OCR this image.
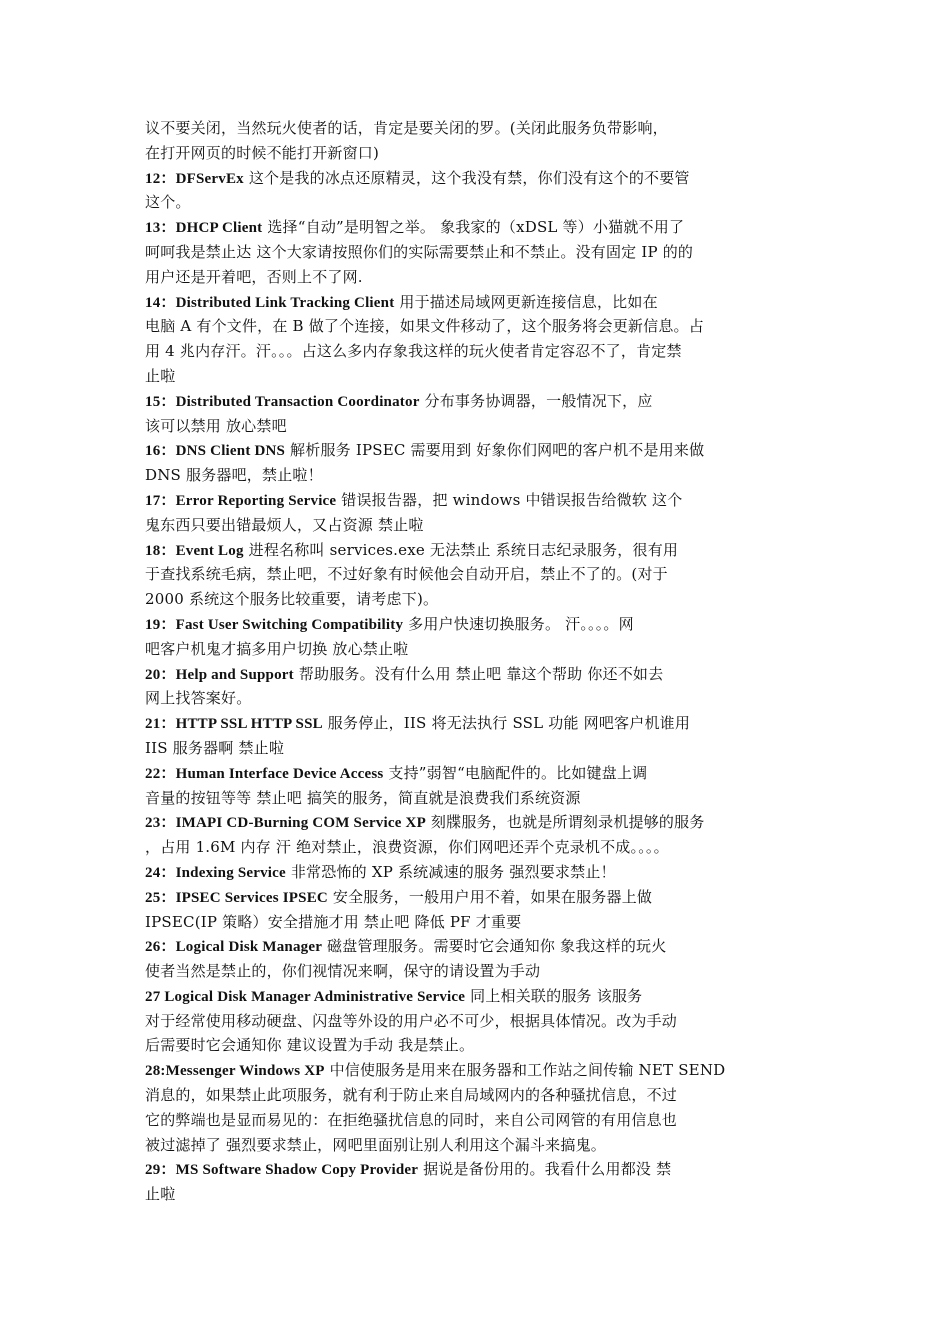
议不要关闭，当然玩火使者的话，肯定是要关闭的罗。(关闭此服务负带影响，
在打开网页的时候不能打开新窗口)
12：DFServEx 这个是我的冰点还原精灵，这个我没有禁，你们没有这个的不要管
这个。
13：DHCP Client 选择“自动”是明智之举。 象我家的（xDSL 等）小猫就不用了
呵呵我是禁止达 这个大家请按照你们的实际需要禁止和不禁止。没有固定 IP 的的
用户还是开着吧，否则上不了网.
14：Distributed Link Tracking Client 用于描述局域网更新连接信息，比如在
电脑 A 有个文件，在 B 做了个连接，如果文件移动了，这个服务将会更新信息。占
用 4 兆内存汗。汗。。。占这么多内存象我这样的玩火使者肯定容忍不了，肯定禁
止啦
15：Distributed Transaction Coordinator 分布事务协调器，一般情况下，应
该可以禁用 放心禁吧
16：DNS Client DNS 解析服务 IPSEC 需要用到 好象你们网吧的客户机不是用来做
DNS 服务器吧，禁止啦！
17：Error Reporting Service 错误报告器，把 windows 中错误报告给微软 这个
鬼东西只要出错最烦人，又占资源 禁止啦
18：Event Log 进程名称叫 services.exe 无法禁止 系统日志纪录服务，很有用
于查找系统毛病，禁止吧，不过好象有时候他会自动开启，禁止不了的。(对于
2000 系统这个服务比较重要，请考虑下)。
19：Fast User Switching Compatibility 多用户快速切换服务。 汗。。。。网
吧客户机鬼才搞多用户切换 放心禁止啦
20：Help and Support 帮助服务。没有什么用 禁止吧 靠这个帮助 你还不如去
网上找答案好。
21：HTTP SSL HTTP SSL 服务停止，IIS 将无法执行 SSL 功能 网吧客户机谁用
IIS 服务器啊 禁止啦
22：Human Interface Device Access 支持”弱智“电脑配件的。比如键盘上调
音量的按钮等等 禁止吧 搞笑的服务，简直就是浪费我们系统资源
23：IMAPI CD-Burning COM Service XP 刻牒服务，也就是所谓刻录机提够的服务
，占用 1.6M 内存 汗 绝对禁止，浪费资源，你们网吧还弄个克录机不成。。。。
24：Indexing Service 非常恐怖的 XP 系统减速的服务 强烈要求禁止！
25：IPSEC Services IPSEC 安全服务，一般用户用不着，如果在服务器上做
IPSEC(IP 策略）安全措施才用 禁止吧 降低 PF 才重要
26：Logical Disk Manager 磁盘管理服务。需要时它会通知你 象我这样的玩火
使者当然是禁止的，你们视情况来啊，保守的请设置为手动
27 Logical Disk Manager Administrative Service 同上相关联的服务 该服务
对于经常使用移动硬盘、闪盘等外设的用户必不可少，根据具体情况。改为手动
后需要时它会通知你 建议设置为手动 我是禁止。
28:Messenger Windows XP 中信使服务是用来在服务器和工作站之间传输 NET SEND
消息的，如果禁止此项服务，就有利于防止来自局域网内的各种骚扰信息，不过
它的弊端也是显而易见的：在拒绝骚扰信息的同时，来自公司网管的有用信息也
被过滤掉了 强烈要求禁止，网吧里面别让别人利用这个漏斗来搞鬼。
29：MS Software Shadow Copy Provider 据说是备份用的。我看什么用都没 禁
止啦
